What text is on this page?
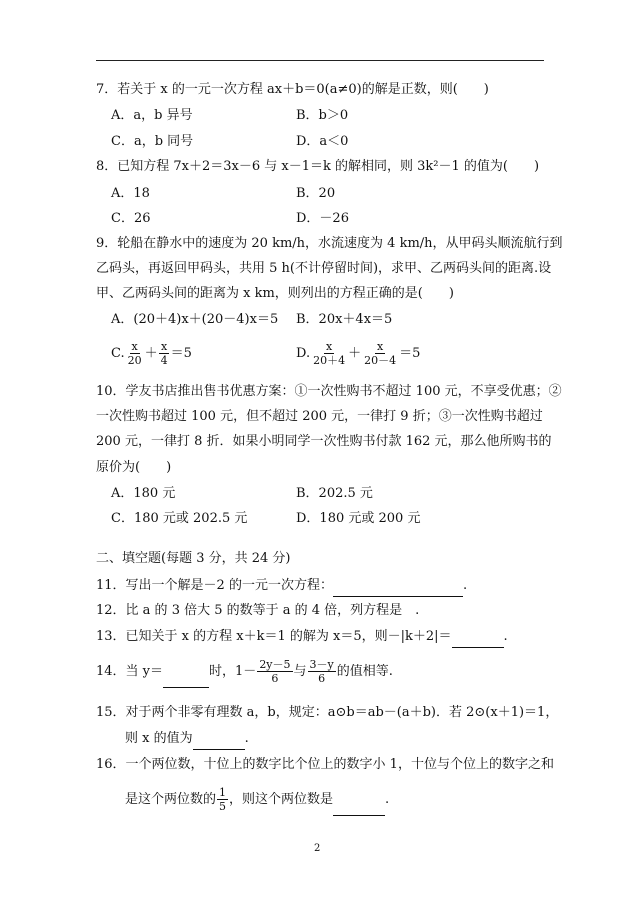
7．若关于 x 的一元一次方程 ax＋b＝0(a≠0)的解是正数，则(　　)
A．a，b 异号	B．b＞0
C．a，b 同号	D．a＜0
8．已知方程 7x＋2＝3x－6 与 x－1＝k 的解相同，则 3k²－1 的值为(　　)
A．18	B．20
C．26	D．－26
9．轮船在静水中的速度为 20 km/h，水流速度为 4 km/h，从甲码头顺流航行到
乙码头，再返回甲码头，共用 5 h(不计停留时间)，求甲、乙两码头间的距离.设
甲、乙两码头间的距离为 x km，则列出的方程正确的是(　　)
A．(20＋4)x＋(20－4)x＝5 B．20x＋4x＝5
C. $\frac{x}{20} + \frac{x}{4} =5$	D. $\frac{x}{20+4} + \frac{x}{20-4} =5$
10．学友书店推出售书优惠方案：①一次性购书不超过 100 元，不享受优惠；②
一次性购书超过 100 元，但不超过 200 元，一律打 9 折；③一次性购书超过
200 元，一律打 8 折．如果小明同学一次性购书付款 162 元，那么他所购书的
原价为(　　)
A．180 元	B．202.5 元
C．180 元或 202.5 元	D．180 元或 200 元
二、填空题(每题 3 分，共 24 分)
11．写出一个解是－2 的一元一次方程：	.
12．比 a 的 3 倍大 5 的数等于 a 的 4 倍，列方程是　.
13．已知关于 x 的方程 x＋k＝1 的解为 x＝5，则－|k＋2|＝	.
14．当 y＝	时，$1- \frac{2y-5}{6}$ 与 $\frac{3-y}{6}$ 的值相等.
15．对于两个非零有理数 a，b，规定：a⊙b＝ab－(a＋b)．若 2⊙(x＋1)＝1，
则 x 的值为	.
16．一个两位数，十位上的数字比个位上的数字小 1，十位与个位上的数字之和
是这个两位数的 $\frac{1}{5}$ ，则这个两位数是	.
2
